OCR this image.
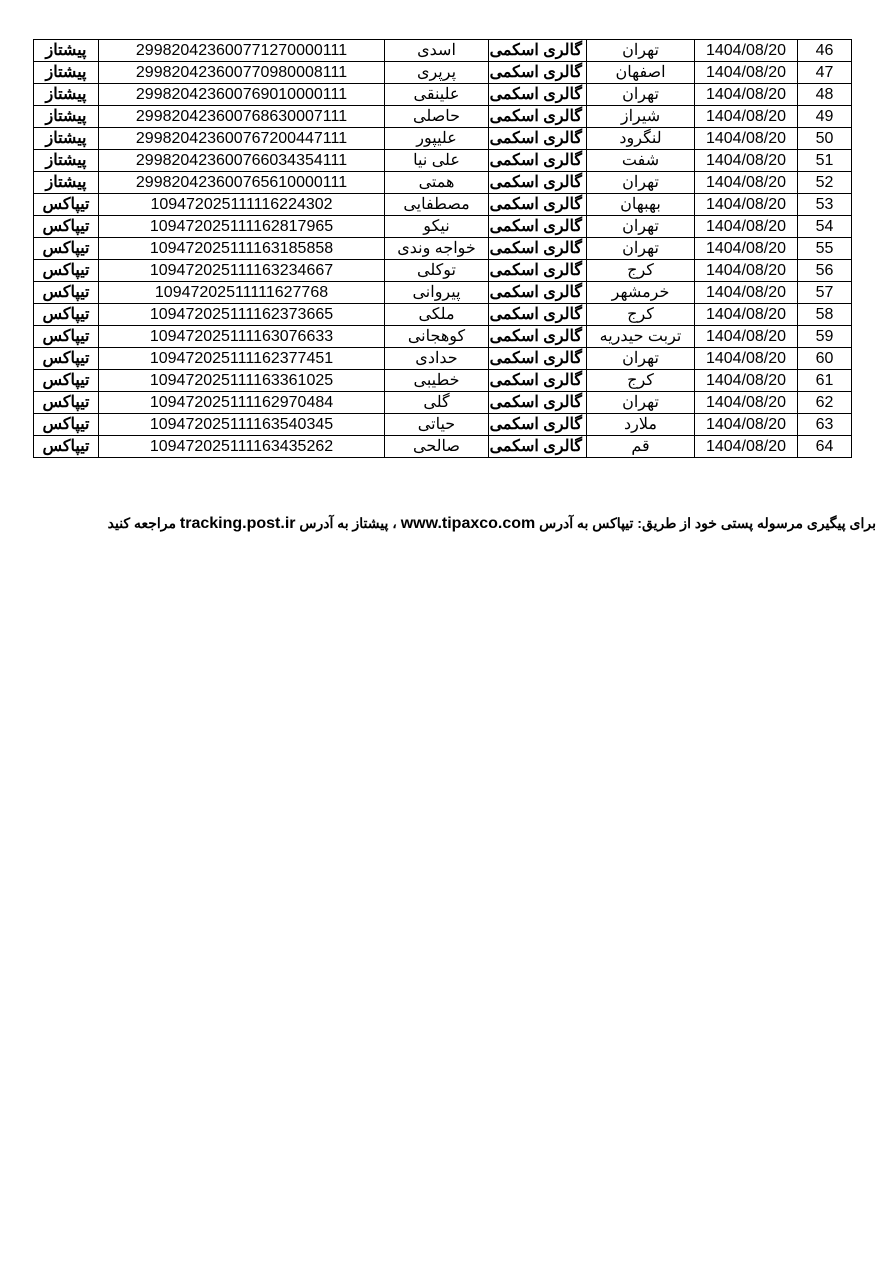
پیشتاز	299820423600771270000111	اسدی	گالری اسکمی	تهران	1404/08/20	46
پیشتاز	299820423600770980008111	پرپری	گالری اسکمی	اصفهان	1404/08/20	47
پیشتاز	299820423600769010000111	علینقی	گالری اسکمی	تهران	1404/08/20	48
پیشتاز	299820423600768630007111	حاصلی	گالری اسکمی	شیراز	1404/08/20	49
پیشتاز	299820423600767200447111	علیپور	گالری اسکمی	لنگرود	1404/08/20	50
پیشتاز	299820423600766034354111	علی نیا	گالری اسکمی	شفت	1404/08/20	51
پیشتاز	299820423600765610000111	همتی	گالری اسکمی	تهران	1404/08/20	52
تیپاکس	109472025111116224302	مصطفایی	گالری اسکمی	بهبهان	1404/08/20	53
تیپاکس	109472025111162817965	نیکو	گالری اسکمی	تهران	1404/08/20	54
تیپاکس	109472025111163185858	خواجه وندی	گالری اسکمی	تهران	1404/08/20	55
تیپاکس	109472025111163234667	توکلی	گالری اسکمی	کرج	1404/08/20	56
تیپاکس	10947202511111627768	پیروانی	گالری اسکمی	خرمشهر	1404/08/20	57
تیپاکس	109472025111162373665	ملکی	گالری اسکمی	کرج	1404/08/20	58
تیپاکس	109472025111163076633	کوهجانی	گالری اسکمی	تربت حیدریه	1404/08/20	59
تیپاکس	109472025111162377451	حدادی	گالری اسکمی	تهران	1404/08/20	60
تیپاکس	109472025111163361025	خطیبی	گالری اسکمی	کرج	1404/08/20	61
تیپاکس	109472025111162970484	گلی	گالری اسکمی	تهران	1404/08/20	62
تیپاکس	109472025111163540345	حیاتی	گالری اسکمی	ملارد	1404/08/20	63
تیپاکس	109472025111163435262	صالحی	گالری اسکمی	قم	1404/08/20	64
برای پیگیری مرسوله پستی خود از طریق: تیپاکس به آدرس www.tipaxco.com ، پیشتاز به آدرس tracking.post.ir مراجعه کنید
